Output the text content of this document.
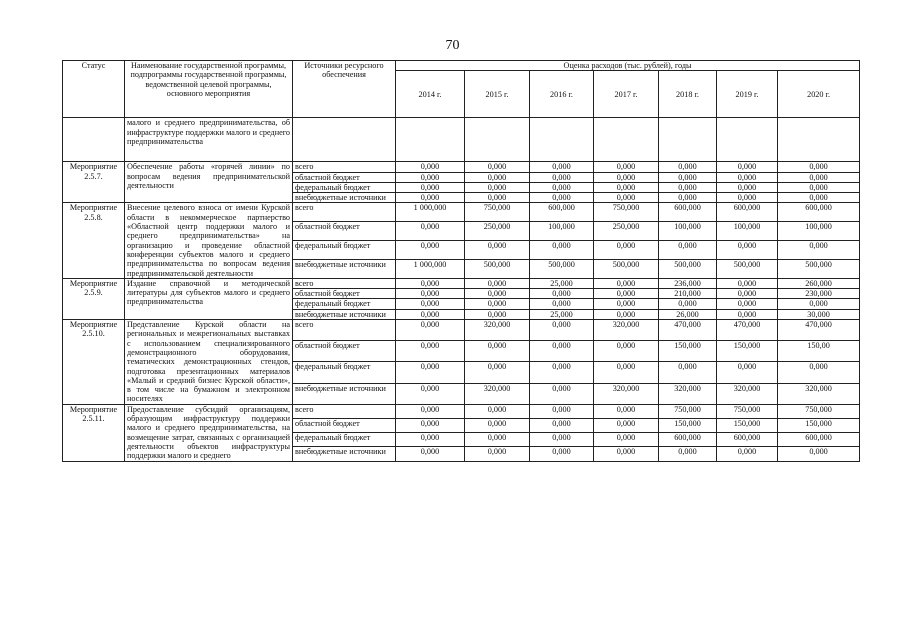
70
Статус	Наименование государственной программы, подпрограммы государственной программы, ведомственной целевой программы, основного мероприятия	Источники ресурсного обеспечения	Оценка расходов (тыс. рублей), годы						
			2014 г.	2015 г.	2016 г.	2017 г.	2018 г.	2019 г.	2020 г.
	малого и среднего предпринимательства, об инфраструктуре поддержки малого и среднего предпринимательства								
Мероприятие 2.5.7.	Обеспечение работы «горячей линии» по вопросам ведения предпринимательской деятельности	всего	0,000	0,000	0,000	0,000	0,000	0,000	0,000
		областной бюджет	0,000	0,000	0,000	0,000	0,000	0,000	0,000
		федеральный бюджет	0,000	0,000	0,000	0,000	0,000	0,000	0,000
		внебюджетные источники	0,000	0,000	0,000	0,000	0,000	0,000	0,000
Мероприятие 2.5.8.	Внесение целевого взноса от имени Курской области в некоммерческое партнерство «Областной центр поддержки малого и среднего предпринимательства» на организацию и проведение областной конференции субъектов малого и среднего предпринимательства по вопросам ведения предпринимательской деятельности	всего	1 000,000	750,000	600,000	750,000	600,000	600,000	600,000
		областной бюджет	0,000	250,000	100,000	250,000	100,000	100,000	100,000
		федеральный бюджет	0,000	0,000	0,000	0,000	0,000	0,000	0,000
		внебюджетные источники	1 000,000	500,000	500,000	500,000	500,000	500,000	500,000
Мероприятие 2.5.9.	Издание справочной и методической литературы для субъектов малого и среднего предпринимательства	всего	0,000	0,000	25,000	0,000	236,000	0,000	260,000
		областной бюджет	0,000	0,000	0,000	0,000	210,000	0,000	230,000
		федеральный бюджет	0,000	0,000	0,000	0,000	0,000	0,000	0,000
		внебюджетные источники	0,000	0,000	25,000	0,000	26,000	0,000	30,000
Мероприятие 2.5.10.	Представление Курской области на региональных и межрегиональных выставках с использованием специализированного демонстрационного оборудования, тематических демонстрационных стендов, подготовка презентационных материалов «Малый и средний бизнес Курской области», в том числе на бумажном и электронном носителях	всего	0,000	320,000	0,000	320,000	470,000	470,000	470,000
		областной бюджет	0,000	0,000	0,000	0,000	150,000	150,000	150,00
		федеральный бюджет	0,000	0,000	0,000	0,000	0,000	0,000	0,000
		внебюджетные источники	0,000	320,000	0,000	320,000	320,000	320,000	320,000
Мероприятие 2.5.11.	Предоставление субсидий организациям, образующим инфраструктуру поддержки малого и среднего предпринимательства, на возмещение затрат, связанных с организацией деятельности объектов инфраструктуры поддержки малого и среднего	всего	0,000	0,000	0,000	0,000	750,000	750,000	750,000
		областной бюджет	0,000	0,000	0,000	0,000	150,000	150,000	150,000
		федеральный бюджет	0,000	0,000	0,000	0,000	600,000	600,000	600,000
		внебюджетные источники	0,000	0,000	0,000	0,000	0,000	0,000	0,000
